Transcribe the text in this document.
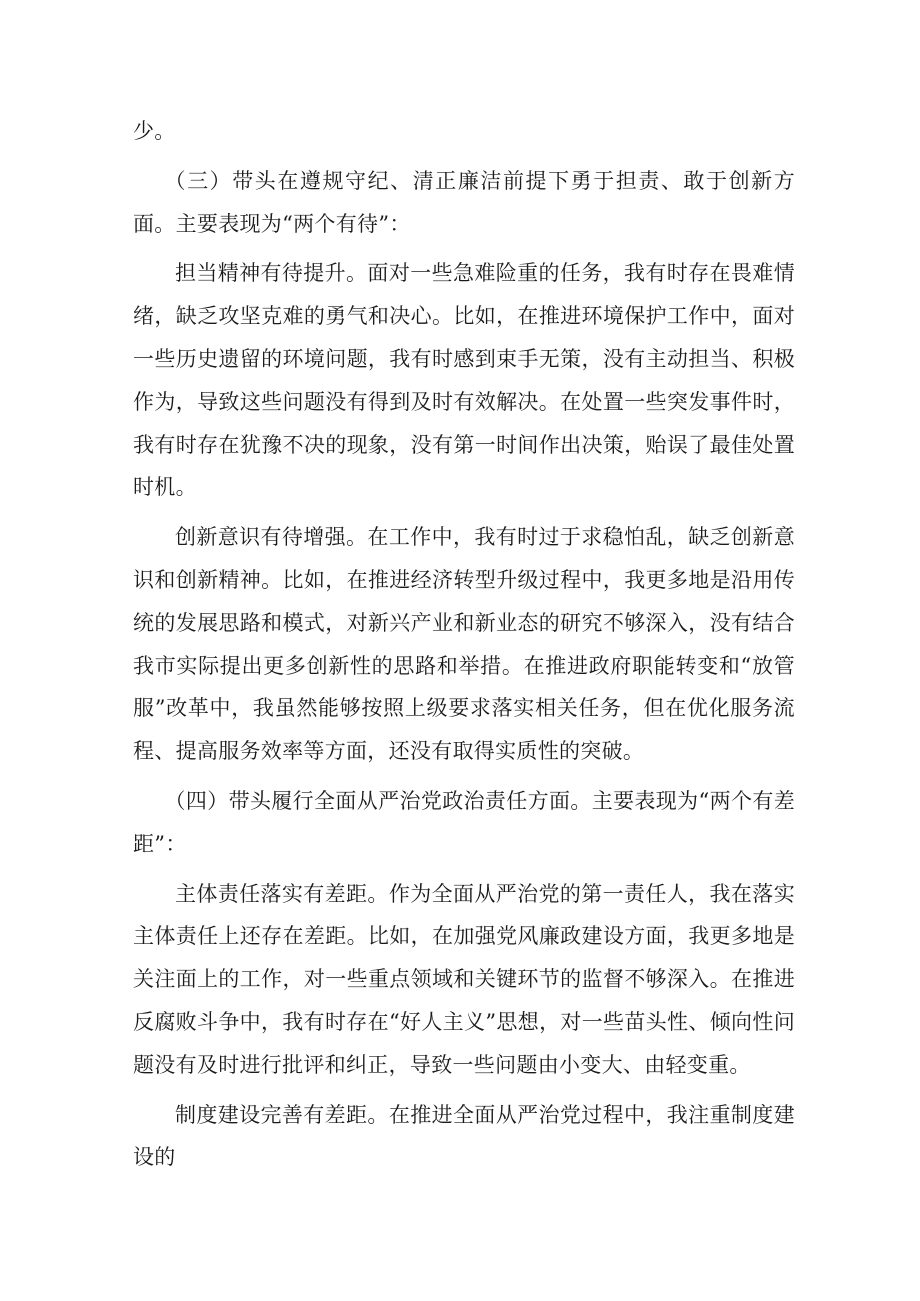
少。

（三）带头在遵规守纪、清正廉洁前提下勇于担责、敢于创新方面。主要表现为“两个有待”：

担当精神有待提升。面对一些急难险重的任务，我有时存在畏难情绪，缺乏攻坚克难的勇气和决心。比如，在推进环境保护工作中，面对一些历史遗留的环境问题，我有时感到束手无策，没有主动担当、积极作为，导致这些问题没有得到及时有效解决。在处置一些突发事件时，我有时存在犹豫不决的现象，没有第一时间作出决策，贻误了最佳处置时机。

创新意识有待增强。在工作中，我有时过于求稳怕乱，缺乏创新意识和创新精神。比如，在推进经济转型升级过程中，我更多地是沿用传统的发展思路和模式，对新兴产业和新业态的研究不够深入，没有结合我市实际提出更多创新性的思路和举措。在推进政府职能转变和“放管服”改革中，我虽然能够按照上级要求落实相关任务，但在优化服务流程、提高服务效率等方面，还没有取得实质性的突破。

（四）带头履行全面从严治党政治责任方面。主要表现为“两个有差距”：

主体责任落实有差距。作为全面从严治党的第一责任人，我在落实主体责任上还存在差距。比如，在加强党风廉政建设方面，我更多地是关注面上的工作，对一些重点领域和关键环节的监督不够深入。在推进反腐败斗争中，我有时存在“好人主义”思想，对一些苗头性、倾向性问题没有及时进行批评和纠正，导致一些问题由小变大、由轻变重。

制度建设完善有差距。在推进全面从严治党过程中，我注重制度建设的
